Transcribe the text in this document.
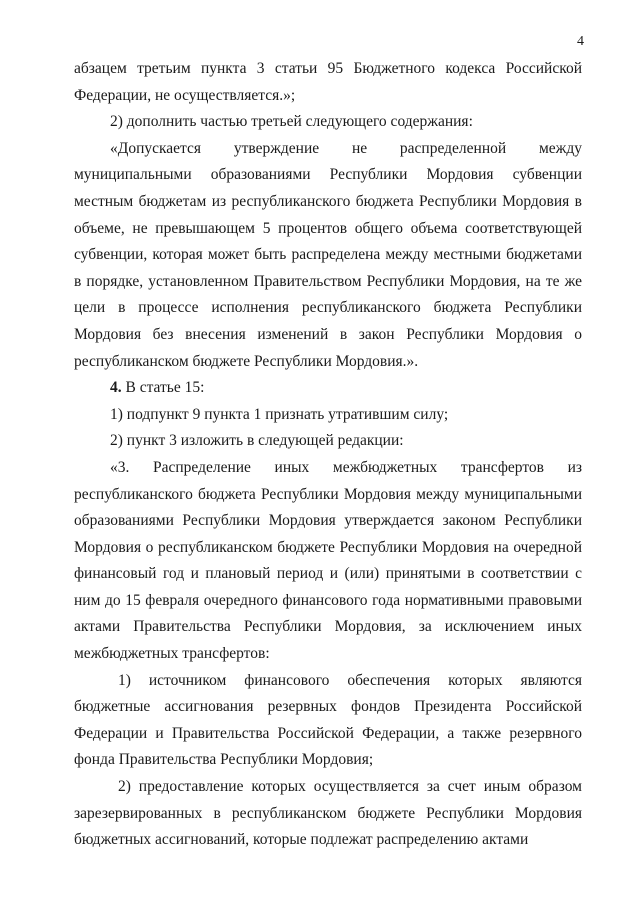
4

абзацем третьим пункта 3 статьи 95 Бюджетного кодекса Российской Федерации, не осуществляется.»;

2) дополнить частью третьей следующего содержания:

«Допускается утверждение не распределенной между муниципальными образованиями Республики Мордовия субвенции местным бюджетам из республиканского бюджета Республики Мордовия в объеме, не превышающем 5 процентов общего объема соответствующей субвенции, которая может быть распределена между местными бюджетами в порядке, установленном Правительством Республики Мордовия, на те же цели в процессе исполнения республиканского бюджета Республики Мордовия без внесения изменений в закон Республики Мордовия о республиканском бюджете Республики Мордовия.».

4. В статье 15:

1) подпункт 9 пункта 1 признать утратившим силу;

2) пункт 3 изложить в следующей редакции:

«3. Распределение иных межбюджетных трансфертов из республиканского бюджета Республики Мордовия между муниципальными образованиями Республики Мордовия утверждается законом Республики Мордовия о республиканском бюджете Республики Мордовия на очередной финансовый год и плановый период и (или) принятыми в соответствии с ним до 15 февраля очередного финансового года нормативными правовыми актами Правительства Республики Мордовия, за исключением иных межбюджетных трансфертов:

1) источником финансового обеспечения которых являются бюджетные ассигнования резервных фондов Президента Российской Федерации и Правительства Российской Федерации, а также резервного фонда Правительства Республики Мордовия;

2) предоставление которых осуществляется за счет иным образом зарезервированных в республиканском бюджете Республики Мордовия бюджетных ассигнований, которые подлежат распределению актами
